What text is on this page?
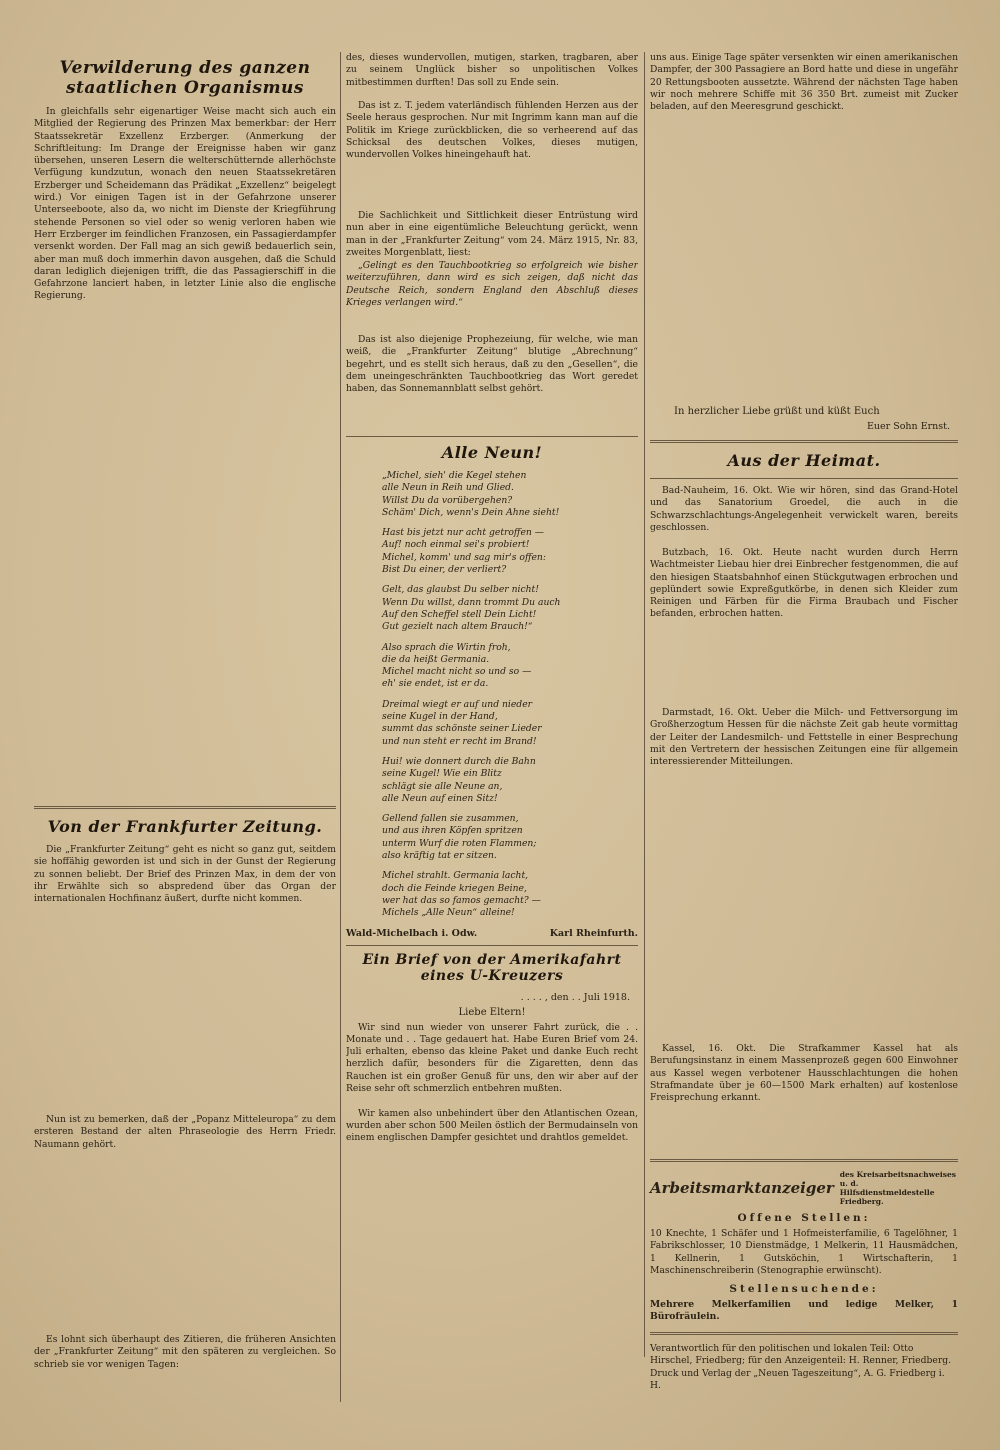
Verwilderung des ganzen staatlichen Organismus

In gleichfalls sehr eigenartiger Weise macht sich auch ein Mitglied der Regierung des Prinzen Max bemerkbar: der Herr Staatssekretär Exzellenz Erzberger. (Anmerkung der Schriftleitung: Im Drange der Ereignisse haben wir ganz übersehen, unseren Lesern die welterschütternde allerhöchste Verfügung kundzutun, wonach den neuen Staatssekretären Erzberger und Scheidemann das Prädikat „Exzellenz“ beigelegt wird.) Vor einigen Tagen ist in der Gefahrzone unserer Unterseeboote, also da, wo nicht im Dienste der Kriegführung stehende Personen so viel oder so wenig verloren haben wie Herr Erzberger im feindlichen Franzosen, ein Passagierdampfer versenkt worden. Der Fall mag an sich gewiß bedauerlich sein, aber man muß doch immerhin davon ausgehen, daß die Schuld daran lediglich diejenigen trifft, die das Passagierschiff in die Gefahrzone lanciert haben, in letzter Linie also die englische Regierung.

Von der Frankfurter Zeitung.

Die „Frankfurter Zeitung“ geht es nicht so ganz gut, seitdem sie hoffähig geworden ist und sich in der Gunst der Regierung zu sonnen beliebt. Der Brief des Prinzen Max, in dem der von ihr Erwählte sich so abspredend über das Organ der internationalen Hochfinanz äußert, durfte nicht kommen.

Nun ist zu bemerken, daß der „Popanz Mitteleuropa“ zu dem ersteren Bestand der alten Phraseologie des Herrn Friedr. Naumann gehört.

Es lohnt sich überhaupt des Zitieren, die früheren Ansichten der „Frankfurter Zeitung“ mit den späteren zu vergleichen. So schrieb sie vor wenigen Tagen:

des, dieses wundervollen, mutigen, starken, tragbaren, aber zu seinem Unglück bisher so unpolitischen Volkes mitbestimmen durften! Das soll zu Ende sein.

Das ist z. T. jedem vaterländisch fühlenden Herzen aus der Seele heraus gesprochen. Nur mit Ingrimm kann man auf die Politik im Kriege zurückblicken, die so verheerend auf das Schicksal des deutschen Volkes, dieses mutigen, wundervollen Volkes hineingehauft hat.

Die Sachlichkeit und Sittlichkeit dieser Entrüstung wird nun aber in eine eigentümliche Beleuchtung gerückt, wenn man in der „Frankfurter Zeitung“ vom 24. März 1915, Nr. 83, zweites Morgenblatt, liest:

„Gelingt es den Tauchbootkrieg so erfolgreich wie bisher weiterzuführen, dann wird es sich zeigen, daß nicht das Deutsche Reich, sondern England den Abschluß dieses Krieges verlangen wird.“

Das ist also diejenige Prophezeiung, für welche, wie man weiß, die „Frankfurter Zeitung“ blutige „Abrechnung“ begehrt, und es stellt sich heraus, daß zu den „Gesellen“, die dem uneingeschränkten Tauchbootkrieg das Wort geredet haben, das Sonnemannblatt selbst gehört.

Alle Neun!
„Michel, sieh' die Kegel stehen
alle Neun in Reih und Glied.
Willst Du da vorübergehen?
Schäm' Dich, wenn's Dein Ahne sieht!
Hast bis jetzt nur acht getroffen —
Auf! noch einmal sei's probiert!
Michel, komm' und sag mir's offen:
Bist Du einer, der verliert?
Gelt, das glaubst Du selber nicht!
Wenn Du willst, dann trommt Du auch
Auf den Scheffel stell Dein Licht!
Gut gezielt nach altem Brauch!“
Also sprach die Wirtin froh,
die da heißt Germania.
Michel macht nicht so und so —
eh' sie endet, ist er da.
Dreimal wiegt er auf und nieder
seine Kugel in der Hand,
summt das schönste seiner Lieder
und nun steht er recht im Brand!
Hui! wie donnert durch die Bahn
seine Kugel! Wie ein Blitz
schlägt sie alle Neune an,
alle Neun auf einen Sitz!
Gellend fallen sie zusammen,
und aus ihren Köpfen spritzen
unterm Wurf die roten Flammen;
also kräftig tat er sitzen.
Michel strahlt. Germania lacht,
doch die Feinde kriegen Beine,
wer hat das so famos gemacht? —
Michels „Alle Neun“ alleine!
Wald-Michelbach i. Odw.	Karl Rheinfurth.
Ein Brief von der Amerikafahrt eines U-Kreuzers
. . . . , den . . Juli 1918.
Liebe Eltern!

Wir sind nun wieder von unserer Fahrt zurück, die . . Monate und . . Tage gedauert hat. Habe Euren Brief vom 24. Juli erhalten, ebenso das kleine Paket und danke Euch recht herzlich dafür, besonders für die Zigaretten, denn das Rauchen ist ein großer Genuß für uns, den wir aber auf der Reise sehr oft schmerzlich entbehren mußten.

Wir kamen also unbehindert über den Atlantischen Ozean, wurden aber schon 500 Meilen östlich der Bermudainseln von einem englischen Dampfer gesichtet und drahtlos gemeldet.

uns aus. Einige Tage später versenkten wir einen amerikanischen Dampfer, der 300 Passagiere an Bord hatte und diese in ungefähr 20 Rettungsbooten aussetzte. Während der nächsten Tage haben wir noch mehrere Schiffe mit 36 350 Brt. zumeist mit Zucker beladen, auf den Meeresgrund geschickt.

In herzlicher Liebe grüßt und küßt Euch
Euer Sohn Ernst.
Aus der Heimat.

Bad-Nauheim, 16. Okt. Wie wir hören, sind das Grand-Hotel und das Sanatorium Groedel, die auch in die Schwarzschlachtungs-Angelegenheit verwickelt waren, bereits geschlossen.

Butzbach, 16. Okt. Heute nacht wurden durch Herrn Wachtmeister Liebau hier drei Einbrecher festgenommen, die auf den hiesigen Staatsbahnhof einen Stückgutwagen erbrochen und geplündert sowie Expreßgutkörbe, in denen sich Kleider zum Reinigen und Färben für die Firma Braubach und Fischer befanden, erbrochen hatten.

Darmstadt, 16. Okt. Ueber die Milch- und Fettversorgung im Großherzogtum Hessen für die nächste Zeit gab heute vormittag der Leiter der Landesmilch- und Fettstelle in einer Besprechung mit den Vertretern der hessischen Zeitungen eine für allgemein interessierender Mitteilungen.

Kassel, 16. Okt. Die Strafkammer Kassel hat als Berufungsinstanz in einem Massenprozeß gegen 600 Einwohner aus Kassel wegen verbotener Hausschlachtungen die hohen Strafmandate über je 60—1500 Mark erhalten) auf kostenlose Freisprechung erkannt.

Arbeitsmarktanzeiger
des Kreisarbeitsnachweises u. d.
Hilfsdienstmeldestelle Friedberg.
Offene Stellen:
10 Knechte, 1 Schäfer und 1 Hofmeisterfamilie, 6 Tagelöhner, 1 Fabrikschlosser, 10 Dienstmädge, 1 Melkerin, 11 Hausmädchen, 1 Kellnerin, 1 Gutsköchin, 1 Wirtschafterin, 1 Maschinenschreiberin (Stenographie erwünscht).
Stellensuchende:
Mehrere Melkerfamilien und ledige Melker, 1 Bürofräulein.
Verantwortlich für den politischen und lokalen Teil: Otto Hirschel, Friedberg; für den Anzeigenteil: H. Renner, Friedberg. Druck und Verlag der „Neuen Tageszeitung“, A. G. Friedberg i. H.
